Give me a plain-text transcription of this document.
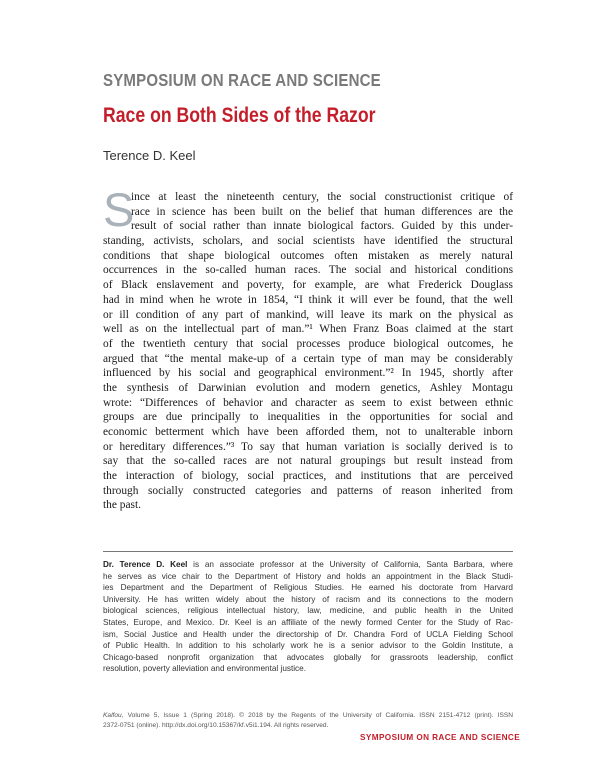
SYMPOSIUM ON RACE AND SCIENCE
Race on Both Sides of the Razor
Terence D. Keel
S
ince at least the nineteenth century, the social constructionist critique of
race in science has been built on the belief that human differences are the
result of social rather than innate biological factors. Guided by this under-
standing, activists, scholars, and social scientists have identified the structural
conditions that shape biological outcomes often mistaken as merely natural
occurrences in the so-called human races. The social and historical conditions
of Black enslavement and poverty, for example, are what Frederick Douglass
had in mind when he wrote in 1854, “I think it will ever be found, that the well
or ill condition of any part of mankind, will leave its mark on the physical as
well as on the intellectual part of man.”¹ When Franz Boas claimed at the start
of the twentieth century that social processes produce biological outcomes, he
argued that “the mental make-up of a certain type of man may be considerably
influenced by his social and geographical environment.”² In 1945, shortly after
the synthesis of Darwinian evolution and modern genetics, Ashley Montagu
wrote: “Differences of behavior and character as seem to exist between ethnic
groups are due principally to inequalities in the opportunities for social and
economic betterment which have been afforded them, not to unalterable inborn
or hereditary differences.”³ To say that human variation is socially derived is to
say that the so-called races are not natural groupings but result instead from
the interaction of biology, social practices, and institutions that are perceived
through socially constructed categories and patterns of reason inherited from
the past.
Dr. Terence D. Keel is an associate professor at the University of California, Santa Barbara, where
he serves as vice chair to the Department of History and holds an appointment in the Black Studi-
ies Department and the Department of Religious Studies. He earned his doctorate from Harvard
University. He has written widely about the history of racism and its connections to the modern
biological sciences, religious intellectual history, law, medicine, and public health in the United
States, Europe, and Mexico. Dr. Keel is an affiliate of the newly formed Center for the Study of Rac-
ism, Social Justice and Health under the directorship of Dr. Chandra Ford of UCLA Fielding School
of Public Health. In addition to his scholarly work he is a senior advisor to the Goldin Institute, a
Chicago-based nonprofit organization that advocates globally for grassroots leadership, conflict
resolution, poverty alleviation and environmental justice.
Kalfou, Volume 5, Issue 1 (Spring 2018). © 2018 by the Regents of the University of California. ISSN 2151-4712 (print). ISSN
2372-0751 (online). http://dx.doi.org/10.15367/kf.v5i1.194. All rights reserved.
SYMPOSIUM ON RACE AND SCIENCE
